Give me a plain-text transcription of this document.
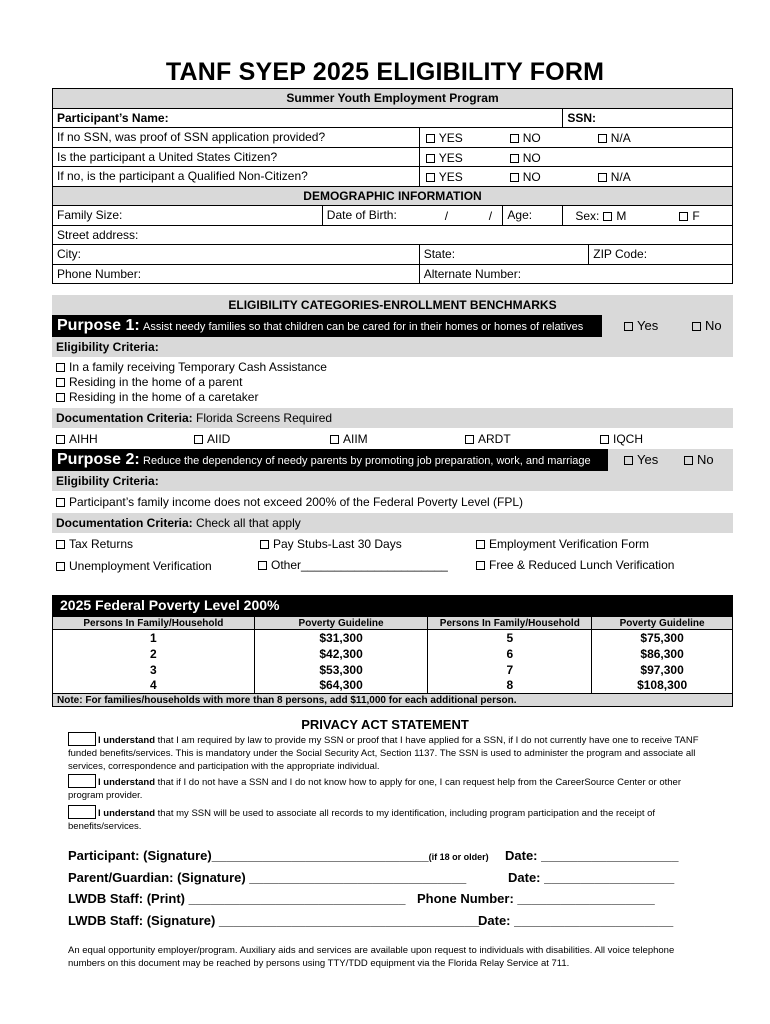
TANF SYEP 2025 ELIGIBILITY FORM
Summer Youth Employment Program					
Participant’s Name:				SSN:	
If no SSN, was proof of SSN application provided?		YES NO N/A			

Is the participant a United States Citizen?		YES NO			

If no, is the participant a Qualified Non-Citizen?		YES NO N/A			

DEMOGRAPHIC INFORMATION					
Family Size:	Date of Birth: / /		Age:	Sex: M F	

Street address:					
City:		State:			ZIP Code:
Phone Number:		Alternate Number:			
ELIGIBILITY CATEGORIES-ENROLLMENT BENCHMARKS
Purpose 1: Assist needy families so that children can be cared for in their homes or homes of relatives	Yes	No
Eligibility Criteria:
In a family receiving Temporary Cash Assistance
Residing in the home of a parent
Residing in the home of a caretaker
Documentation Criteria: Florida Screens Required
AIHH	AIID	AIIM	ARDT	IQCH
Purpose 2: Reduce the dependency of needy parents by promoting job preparation, work, and marriage	Yes	No
Eligibility Criteria:
Participant’s family income does not exceed 200% of the Federal Poverty Level (FPL)
Documentation Criteria: Check all that apply
Tax Returns	Pay Stubs-Last 30 Days	Employment Verification Form
Unemployment Verification	Other______________________	Free & Reduced Lunch Verification
2025 Federal Poverty Level 200%
Persons In Family/Household	Poverty Guideline	Persons In Family/Household	Poverty Guideline
1	$31,300	5	$75,300
2	$42,300	6	$86,300
3	$53,300	7	$97,300
4	$64,300	8	$108,300
Note: For families/households with more than 8 persons, add $11,000 for each additional person.
PRIVACY ACT STATEMENT
I understand that I am required by law to provide my SSN or proof that I have applied for a SSN, if I do not currently have one to receive TANF funded benefits/services. This is mandatory under the Social Security Act, Section 1137. The SSN is used to administer the program and associate all services, correspondence and participation with the appropriate individual.
I understand that if I do not have a SSN and I do not know how to apply for one, I can request help from the CareerSource Center or other program provider.
I understand that my SSN will be used to associate all records to my identification, including program participation and the receipt of benefits/services.
Participant: (Signature)______________________________(if 18 or older) Date: ___________________
Parent/Guardian: (Signature) ______________________________	Date: __________________
LWDB Staff: (Print) ______________________________ Phone Number: ___________________
LWDB Staff: (Signature) ____________________________________
Date: ______________________
An equal opportunity employer/program. Auxiliary aids and services are available upon request to individuals with disabilities. All voice telephone numbers on this document may be reached by persons using TTY/TDD equipment via the Florida Relay Service at 711.
